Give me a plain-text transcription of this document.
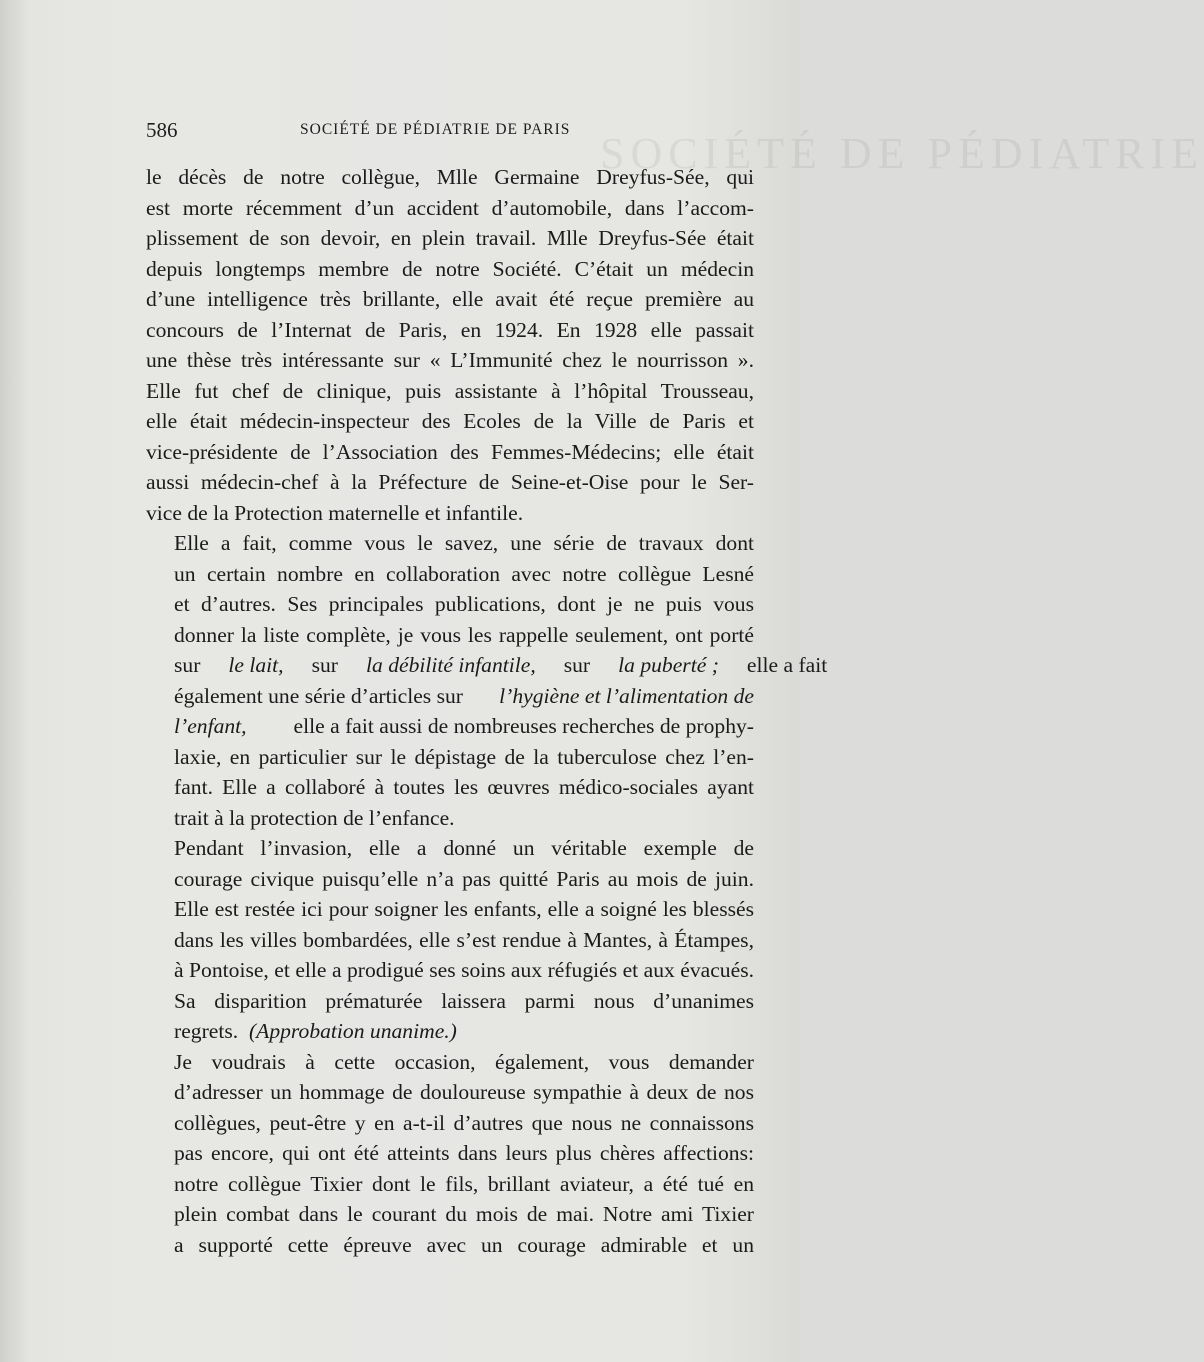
SOCIÉTÉ DE PÉDIATRIE
586	SOCIÉTÉ DE PÉDIATRIE DE PARIS

le décès de notre collègue, Mlle Germaine Dreyfus-Sée, qui
est morte récemment d’un accident d’automobile, dans l’accom-
plissement de son devoir, en plein travail. Mlle Dreyfus-Sée était
depuis longtemps membre de notre Société. C’était un médecin
d’une intelligence très brillante, elle avait été reçue première au
concours de l’Internat de Paris, en 1924. En 1928 elle passait
une thèse très intéressante sur « L’Immunité chez le nourrisson ».
Elle fut chef de clinique, puis assistante à l’hôpital Trousseau,
elle était médecin-inspecteur des Ecoles de la Ville de Paris et
vice-présidente de l’Association des Femmes-Médecins; elle était
aussi médecin-chef à la Préfecture de Seine-et-Oise pour le Ser-
vice de la Protection maternelle et infantile.

Elle a fait, comme vous le savez, une série de travaux dont
un certain nombre en collaboration avec notre collègue Lesné
et d’autres. Ses principales publications, dont je ne puis vous
donner la liste complète, je vous les rappelle seulement, ont porté
sur	le lait,	sur	la débilité infantile,	sur	la puberté ;	elle a fait
également une série d’articles sur	l’hygiène et l’alimentation de
l’enfant,	elle a fait aussi de nombreuses recherches de prophy-
laxie, en particulier sur le dépistage de la tuberculose chez l’en-
fant. Elle a collaboré à toutes les œuvres médico-sociales ayant
trait à la protection de l’enfance.

Pendant l’invasion, elle a donné un véritable exemple de
courage civique puisqu’elle n’a pas quitté Paris au mois de juin.
Elle est restée ici pour soigner les enfants, elle a soigné les blessés
dans les villes bombardées, elle s’est rendue à Mantes, à Étampes,
à Pontoise, et elle a prodigué ses soins aux réfugiés et aux évacués.

Sa disparition prématurée laissera parmi nous d’unanimes
regrets. (Approbation unanime.)

Je voudrais à cette occasion, également, vous demander
d’adresser un hommage de douloureuse sympathie à deux de nos
collègues, peut-être y en a-t-il d’autres que nous ne connaissons
pas encore, qui ont été atteints dans leurs plus chères affections:
notre collègue Tixier dont le fils, brillant aviateur, a été tué en
plein combat dans le courant du mois de mai. Notre ami Tixier
a supporté cette épreuve avec un courage admirable et un
